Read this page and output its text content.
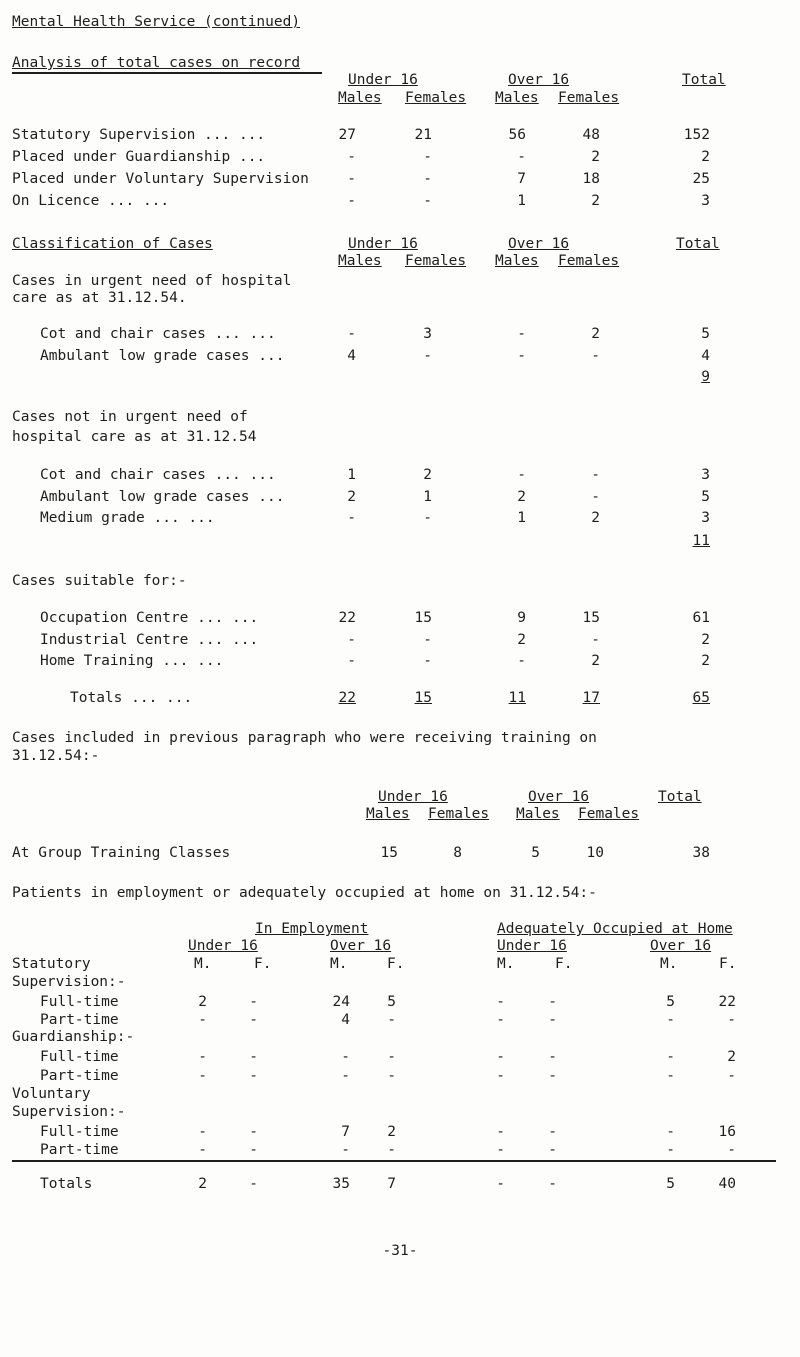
Mental Health Service (continued)
Analysis of total cases on record
Under 16	Over 16	Total
Males Females Males Females
Statutory Supervision ... ...	27	21	56	48	152
Placed under Guardianship ...	-	-	-	2	2
Placed under Voluntary Supervision	-	-	7	18	25
On Licence ... ...	-	-	1	2	3
Classification of Cases	Under 16	Over 16	Total
Males Females Males Females
Cases in urgent need of hospital
care as at 31.12.54.
Cot and chair cases ... ...	-	3	-	2	5
Ambulant low grade cases ...	4	-	-	-	4
9
Cases not in urgent need of
hospital care as at 31.12.54
Cot and chair cases ... ...	1	2	-	-	3
Ambulant low grade cases ...	2	1	2	-	5
Medium grade ... ...	-	-	1	2	3
11
Cases suitable for:-
Occupation Centre ... ...	22	15	9	15	61
Industrial Centre ... ...	-	-	2	-	2
Home Training ... ...	-	-	-	2	2
Totals ... ...	22	15	11	17	65
Cases included in previous paragraph who were receiving training on
31.12.54:-
Under 16	Over 16	Total
Males Females Males Females
At Group Training Classes	15	8	5	10	38
Patients in employment or adequately occupied at home on 31.12.54:-
In Employment	Adequately Occupied at Home
Under 16	Over 16	Under 16	Over 16
M.	F.	M.	F.	M.	F.	M.	F.
Statutory
Supervision:-
Full-time	2	-	24	5	-	-	5	22
Part-time	-	-	4	-	-	-	-	-
Guardianship:-
Full-time	-	-	-	-	-	-	-	2
Part-time	-	-	-	-	-	-	-	-
Voluntary
Supervision:-
Full-time	-	-	7	2	-	-	-	16
Part-time	-	-	-	-	-	-	-	-
Totals	2	-	35	7	-	-	5	40
-31-
